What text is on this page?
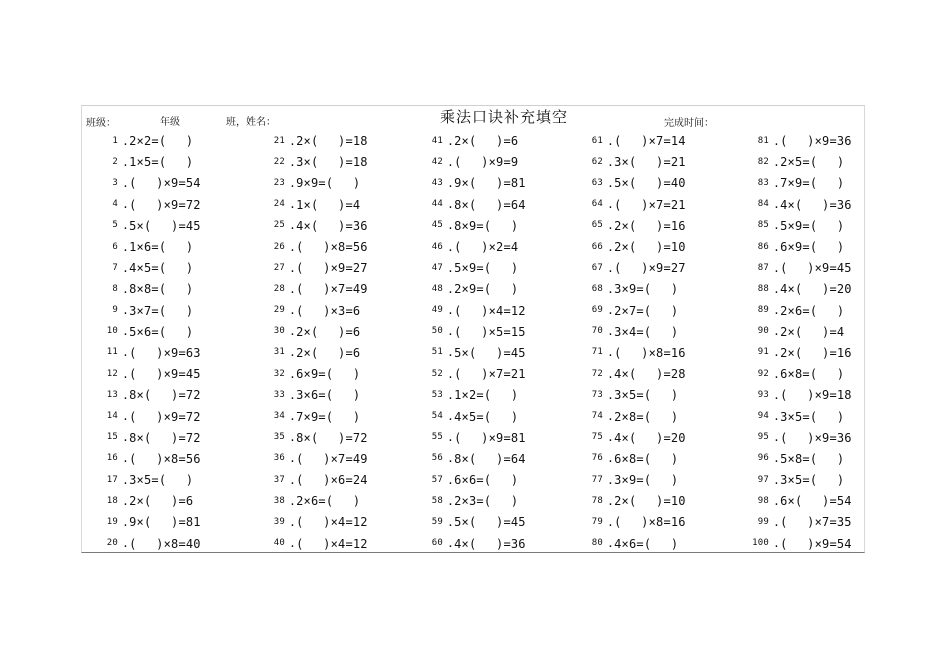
班级：	年级	班，姓名：	乘法口诀补充填空	完成时间：
1 . 2×2=(　 )
2 . 1×5=(　 )
3 . (　 )×9=54
4 . (　 )×9=72
5 . 5×(　 )=45
6 . 1×6=(　 )
7 . 4×5=(　 )
8 . 8×8=(　 )
9 . 3×7=(　 )
10 . 5×6=(　 )
11 . (　 )×9=63
12 . (　 )×9=45
13 . 8×(　 )=72
14 . (　 )×9=72
15 . 8×(　 )=72
16 . (　 )×8=56
17 . 3×5=(　 )
18 . 2×(　 )=6
19 . 9×(　 )=81
20 . (　 )×8=40
21 . 2×(　 )=18
22 . 3×(　 )=18
23 . 9×9=(　 )
24 . 1×(　 )=4
25 . 4×(　 )=36
26 . (　 )×8=56
27 . (　 )×9=27
28 . (　 )×7=49
29 . (　 )×3=6
30 . 2×(　 )=6
31 . 2×(　 )=6
32 . 6×9=(　 )
33 . 3×6=(　 )
34 . 7×9=(　 )
35 . 8×(　 )=72
36 . (　 )×7=49
37 . (　 )×6=24
38 . 2×6=(　 )
39 . (　 )×4=12
40 . (　 )×4=12
41 . 2×(　 )=6
42 . (　 )×9=9
43 . 9×(　 )=81
44 . 8×(　 )=64
45 . 8×9=(　 )
46 . (　 )×2=4
47 . 5×9=(　 )
48 . 2×9=(　 )
49 . (　 )×4=12
50 . (　 )×5=15
51 . 5×(　 )=45
52 . (　 )×7=21
53 . 1×2=(　 )
54 . 4×5=(　 )
55 . (　 )×9=81
56 . 8×(　 )=64
57 . 6×6=(　 )
58 . 2×3=(　 )
59 . 5×(　 )=45
60 . 4×(　 )=36
61 . (　 )×7=14
62 . 3×(　 )=21
63 . 5×(　 )=40
64 . (　 )×7=21
65 . 2×(　 )=16
66 . 2×(　 )=10
67 . (　 )×9=27
68 . 3×9=(　 )
69 . 2×7=(　 )
70 . 3×4=(　 )
71 . (　 )×8=16
72 . 4×(　 )=28
73 . 3×5=(　 )
74 . 2×8=(　 )
75 . 4×(　 )=20
76 . 6×8=(　 )
77 . 3×9=(　 )
78 . 2×(　 )=10
79 . (　 )×8=16
80 . 4×6=(　 )
81 . (　 )×9=36
82 . 2×5=(　 )
83 . 7×9=(　 )
84 . 4×(　 )=36
85 . 5×9=(　 )
86 . 6×9=(　 )
87 . (　 )×9=45
88 . 4×(　 )=20
89 . 2×6=(　 )
90 . 2×(　 )=4
91 . 2×(　 )=16
92 . 6×8=(　 )
93 . (　 )×9=18
94 . 3×5=(　 )
95 . (　 )×9=36
96 . 5×8=(　 )
97 . 3×5=(　 )
98 . 6×(　 )=54
99 . (　 )×7=35
100 . (　 )×9=54
